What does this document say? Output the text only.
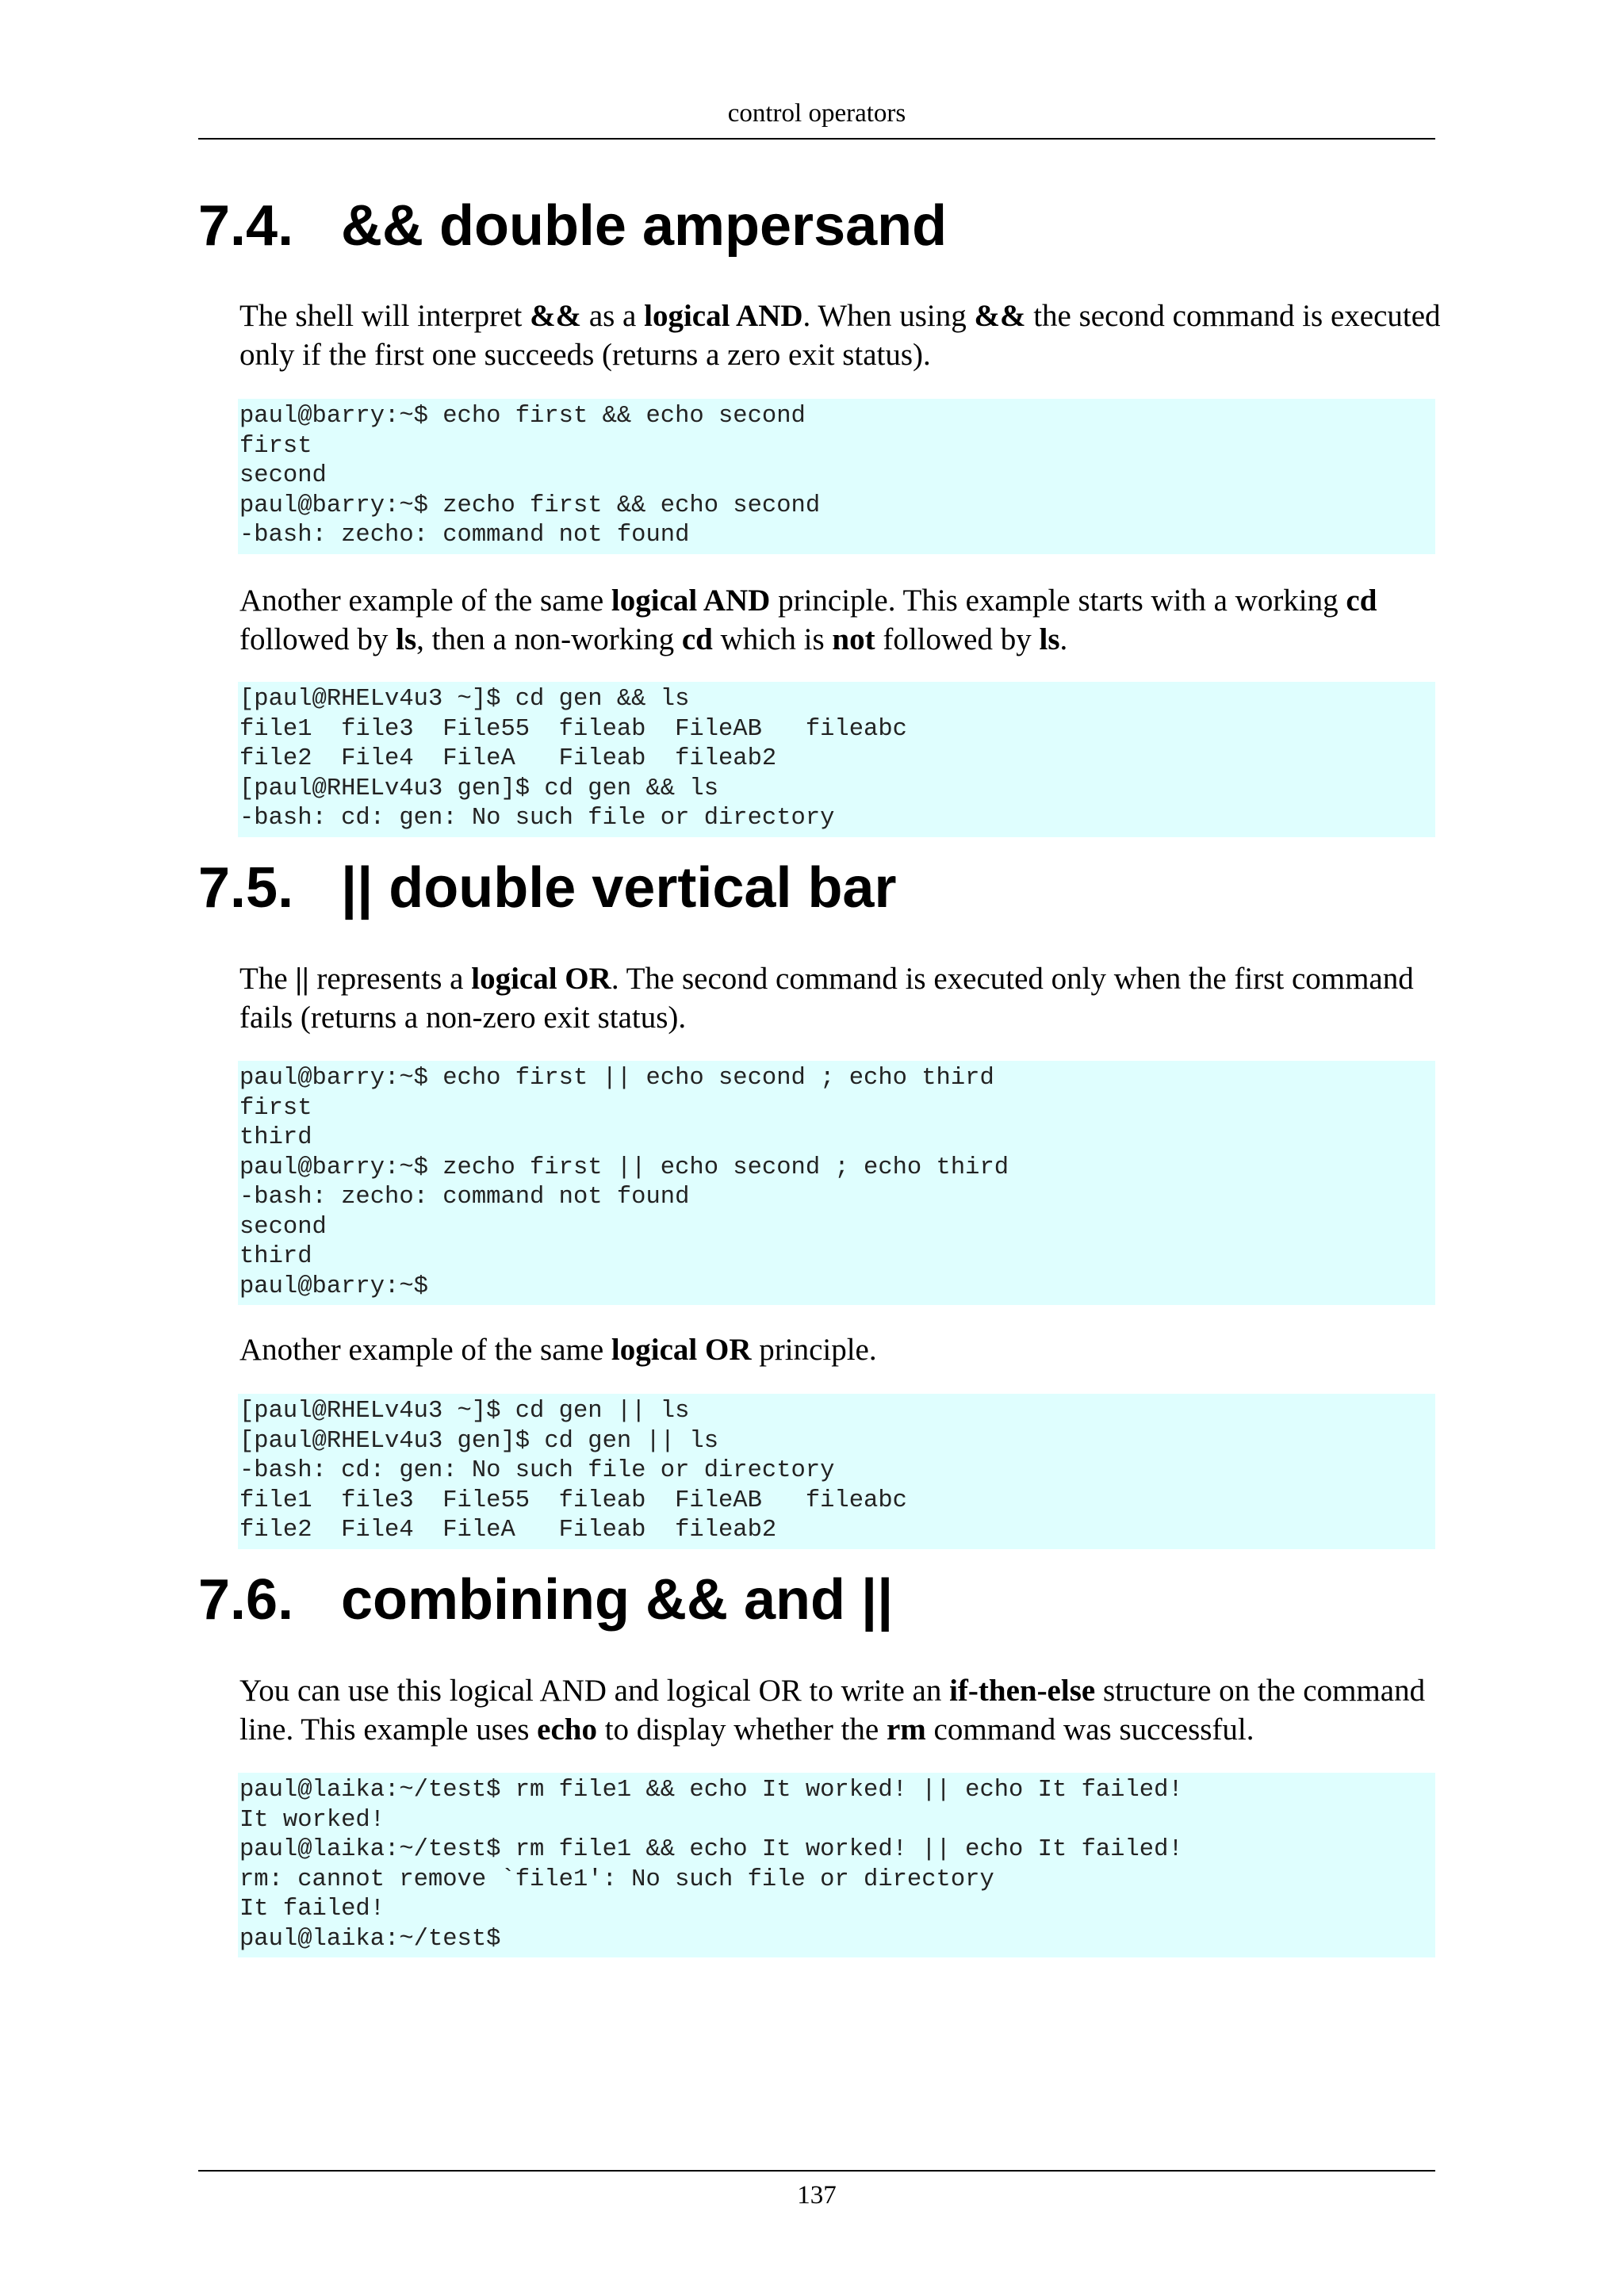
control operators
7.4. && double ampersand

The shell will interpret && as a logical AND. When using && the second command is executed only if the first one succeeds (returns a zero exit status).

paul@barry:~$ echo first && echo second
first
second
paul@barry:~$ zecho first && echo second
-bash: zecho: command not found

Another example of the same logical AND principle. This example starts with a working cd followed by ls, then a non-working cd which is not followed by ls.

[paul@RHELv4u3 ~]$ cd gen && ls
file1  file3  File55  fileab  FileAB   fileabc
file2  File4  FileA   Fileab  fileab2
[paul@RHELv4u3 gen]$ cd gen && ls
-bash: cd: gen: No such file or directory
7.5. || double vertical bar

The || represents a logical OR. The second command is executed only when the first command fails (returns a non-zero exit status).

paul@barry:~$ echo first || echo second ; echo third
first
third
paul@barry:~$ zecho first || echo second ; echo third
-bash: zecho: command not found
second
third
paul@barry:~$

Another example of the same logical OR principle.

[paul@RHELv4u3 ~]$ cd gen || ls
[paul@RHELv4u3 gen]$ cd gen || ls
-bash: cd: gen: No such file or directory
file1  file3  File55  fileab  FileAB   fileabc
file2  File4  FileA   Fileab  fileab2
7.6. combining && and ||

You can use this logical AND and logical OR to write an if-then-else structure on the command line. This example uses echo to display whether the rm command was successful.

paul@laika:~/test$ rm file1 && echo It worked! || echo It failed!
It worked!
paul@laika:~/test$ rm file1 && echo It worked! || echo It failed!
rm: cannot remove `file1': No such file or directory
It failed!
paul@laika:~/test$
137
